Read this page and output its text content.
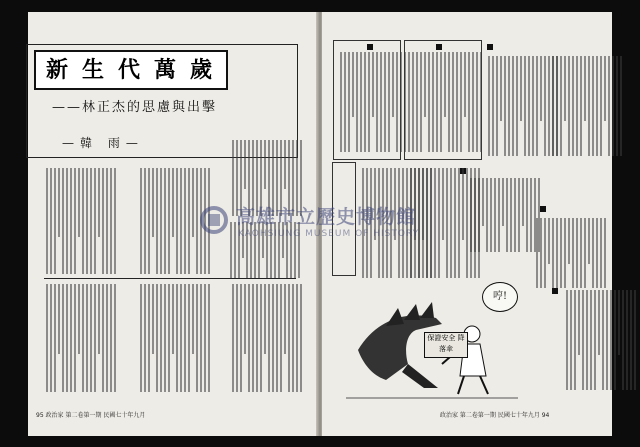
新生代萬歲
——林正杰的思慮與出擊
—韓 雨—
哼!
保證安全 降落傘
高雄市立歷史博物館
KAOHSIUNG MUSEUM OF HISTORY
95 政治家 第二卷第一期 民國七十年九月	政治家 第二卷第一期 民國七十年九月 94
